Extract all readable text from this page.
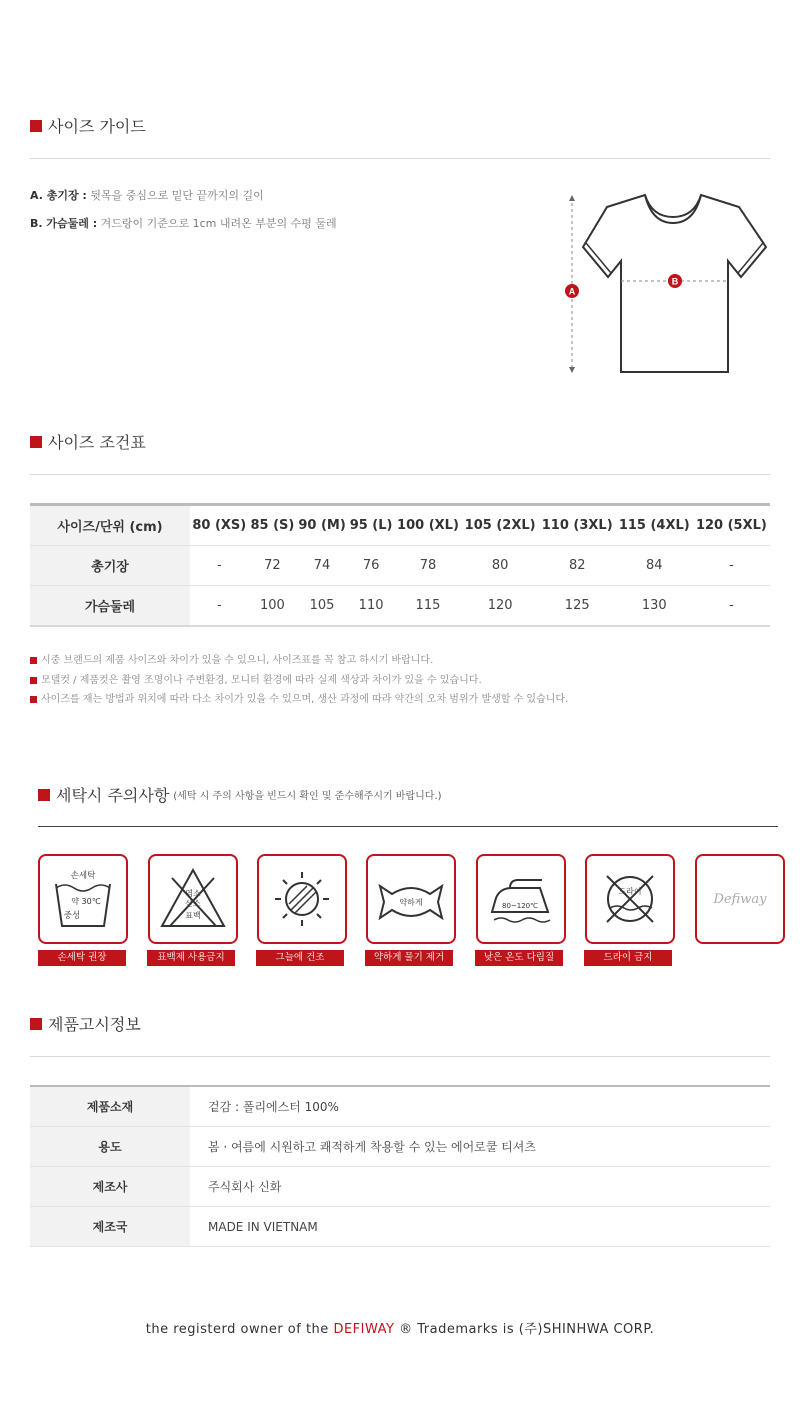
사이즈 가이드
A. 총기장 : 뒷목을 중심으로 밑단 끝까지의 길이
B. 가슴둘레 : 겨드랑이 기준으로 1cm 내려온 부분의 수평 둘레
A
B
사이즈 조건표
사이즈/단위 (cm)	80 (XS)	85 (S)	90 (M)	95 (L)	100 (XL)	105 (2XL)	110 (3XL)	115 (4XL)	120 (5XL)
총기장	-	72	74	76	78	80	82	84	-
가슴둘레	-	100	105	110	115	120	125	130	-
시중 브랜드의 제품 사이즈와 차이가 있을 수 있으니, 사이즈표를 꼭 참고 하시기 바랍니다.
모델컷 / 제품컷은 촬영 조명이나 주변환경, 모니터 환경에 따라 실제 색상과 차이가 있을 수 있습니다.
사이즈를 재는 방법과 위치에 따라 다소 차이가 있을 수 있으며, 생산 과정에 따라 약간의 오차 범위가 발생할 수 있습니다.
세탁시 주의사항 (세탁 시 주의 사항을 빈드시 확인 및 준수해주시기 바랍니다.)
손세탁
약 30℃
중성
손세탁 권장
염소
산소
표백
표백제 사용금지	그늘에 건조
약하게
약하게 물기 제거
80~120℃
낮은 온도 다림질
드라이
드라이 금지
Defiway
제품고시정보
제품소재	겉감 : 폴리에스터 100%
용도	봄 · 여름에 시원하고 쾌적하게 착용할 수 있는 에어로쿨 티셔츠
제조사	주식회사 신화
제조국	MADE IN VIETNAM
the registerd owner of the DEFIWAY ® Trademarks is (주)SHINHWA CORP.
